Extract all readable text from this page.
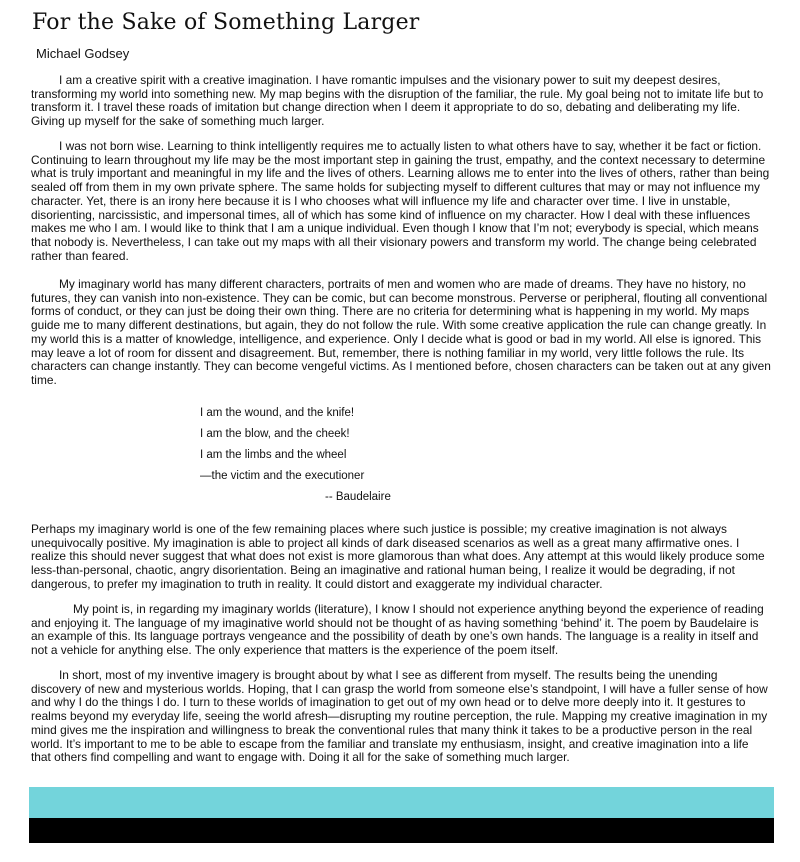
For the Sake of Something Larger
Michael Godsey

I am a creative spirit with a creative imagination. I have romantic impulses and the visionary power to suit my deepest desires, transforming my world into something new. My map begins with the disruption of the familiar, the rule. My goal being not to imitate life but to transform it. I travel these roads of imitation but change direction when I deem it appropriate to do so, debating and deliberating my life. Giving up myself for the sake of something much larger.

I was not born wise. Learning to think intelligently requires me to actually listen to what others have to say, whether it be fact or fiction. Continuing to learn throughout my life may be the most important step in gaining the trust, empathy, and the context necessary to determine what is truly important and meaningful in my life and the lives of others. Learning allows me to enter into the lives of others, rather than being sealed off from them in my own private sphere. The same holds for subjecting myself to different cultures that may or may not influence my character. Yet, there is an irony here because it is I who chooses what will influence my life and character over time. I live in unstable, disorienting, narcissistic, and impersonal times, all of which has some kind of influence on my character. How I deal with these influences makes me who I am. I would like to think that I am a unique individual. Even though I know that I’m not; everybody is special, which means that nobody is. Nevertheless, I can take out my maps with all their visionary powers and transform my world. The change being celebrated rather than feared.

My imaginary world has many different characters, portraits of men and women who are made of dreams. They have no history, no futures, they can vanish into non-existence. They can be comic, but can become monstrous. Perverse or peripheral, flouting all conventional forms of conduct, or they can just be doing their own thing. There are no criteria for determining what is happening in my world. My maps guide me to many different destinations, but again, they do not follow the rule. With some creative application the rule can change greatly. In my world this is a matter of knowledge, intelligence, and experience. Only I decide what is good or bad in my world. All else is ignored. This may leave a lot of room for dissent and disagreement. But, remember, there is nothing familiar in my world, very little follows the rule. Its characters can change instantly. They can become vengeful victims. As I mentioned before, chosen characters can be taken out at any given time.

I am the wound, and the knife!
I am the blow, and the cheek!
I am the limbs and the wheel
—the victim and the executioner
-- Baudelaire

Perhaps my imaginary world is one of the few remaining places where such justice is possible; my creative imagination is not always unequivocally positive. My imagination is able to project all kinds of dark diseased scenarios as well as a great many affirmative ones. I realize this should never suggest that what does not exist is more glamorous than what does. Any attempt at this would likely produce some less-than-personal, chaotic, angry disorientation. Being an imaginative and rational human being, I realize it would be degrading, if not dangerous, to prefer my imagination to truth in reality. It could distort and exaggerate my individual character.

My point is, in regarding my imaginary worlds (literature), I know I should not experience anything beyond the experience of reading and enjoying it. The language of my imaginative world should not be thought of as having something ‘behind’ it. The poem by Baudelaire is an example of this. Its language portrays vengeance and the possibility of death by one’s own hands. The language is a reality in itself and not a vehicle for anything else. The only experience that matters is the experience of the poem itself.

In short, most of my inventive imagery is brought about by what I see as different from myself. The results being the unending discovery of new and mysterious worlds. Hoping, that I can grasp the world from someone else’s standpoint, I will have a fuller sense of how and why I do the things I do. I turn to these worlds of imagination to get out of my own head or to delve more deeply into it. It gestures to realms beyond my everyday life, seeing the world afresh—disrupting my routine perception, the rule. Mapping my creative imagination in my mind gives me the inspiration and willingness to break the conventional rules that many think it takes to be a productive person in the real world. It’s important to me to be able to escape from the familiar and translate my enthusiasm, insight, and creative imagination into a life that others find compelling and want to engage with. Doing it all for the sake of something much larger.
